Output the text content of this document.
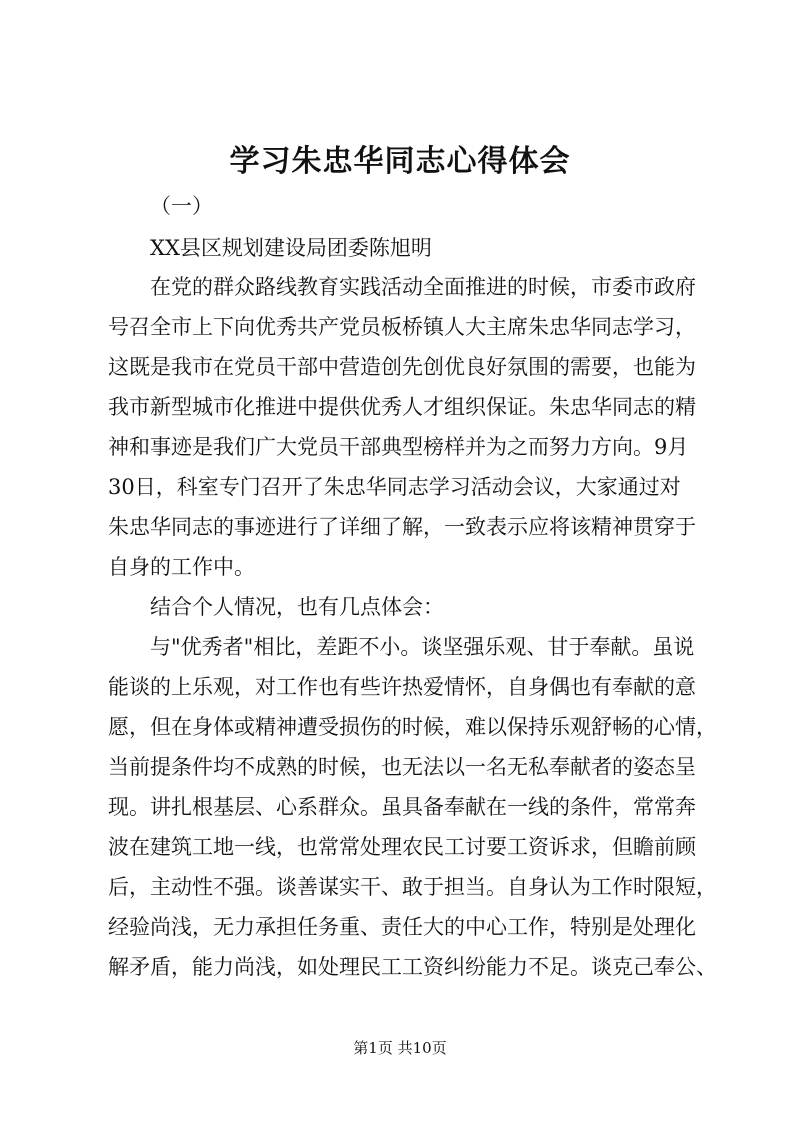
学习朱忠华同志心得体会
（一）
XX县区规划建设局团委陈旭明
在党的群众路线教育实践活动全面推进的时候，市委市政府
号召全市上下向优秀共产党员板桥镇人大主席朱忠华同志学习，
这既是我市在党员干部中营造创先创优良好氛围的需要，也能为
我市新型城市化推进中提供优秀人才组织保证。朱忠华同志的精
神和事迹是我们广大党员干部典型榜样并为之而努力方向。9月
30日，科室专门召开了朱忠华同志学习活动会议，大家通过对
朱忠华同志的事迹进行了详细了解，一致表示应将该精神贯穿于
自身的工作中。
结合个人情况，也有几点体会：
与"优秀者"相比，差距不小。谈坚强乐观、甘于奉献。虽说
能谈的上乐观，对工作也有些许热爱情怀，自身偶也有奉献的意
愿，但在身体或精神遭受损伤的时候，难以保持乐观舒畅的心情，
当前提条件均不成熟的时候，也无法以一名无私奉献者的姿态呈
现。讲扎根基层、心系群众。虽具备奉献在一线的条件，常常奔
波在建筑工地一线，也常常处理农民工讨要工资诉求，但瞻前顾
后，主动性不强。谈善谋实干、敢于担当。自身认为工作时限短，
经验尚浅，无力承担任务重、责任大的中心工作，特别是处理化
解矛盾，能力尚浅，如处理民工工资纠纷能力不足。谈克己奉公、
第1页 共10页
